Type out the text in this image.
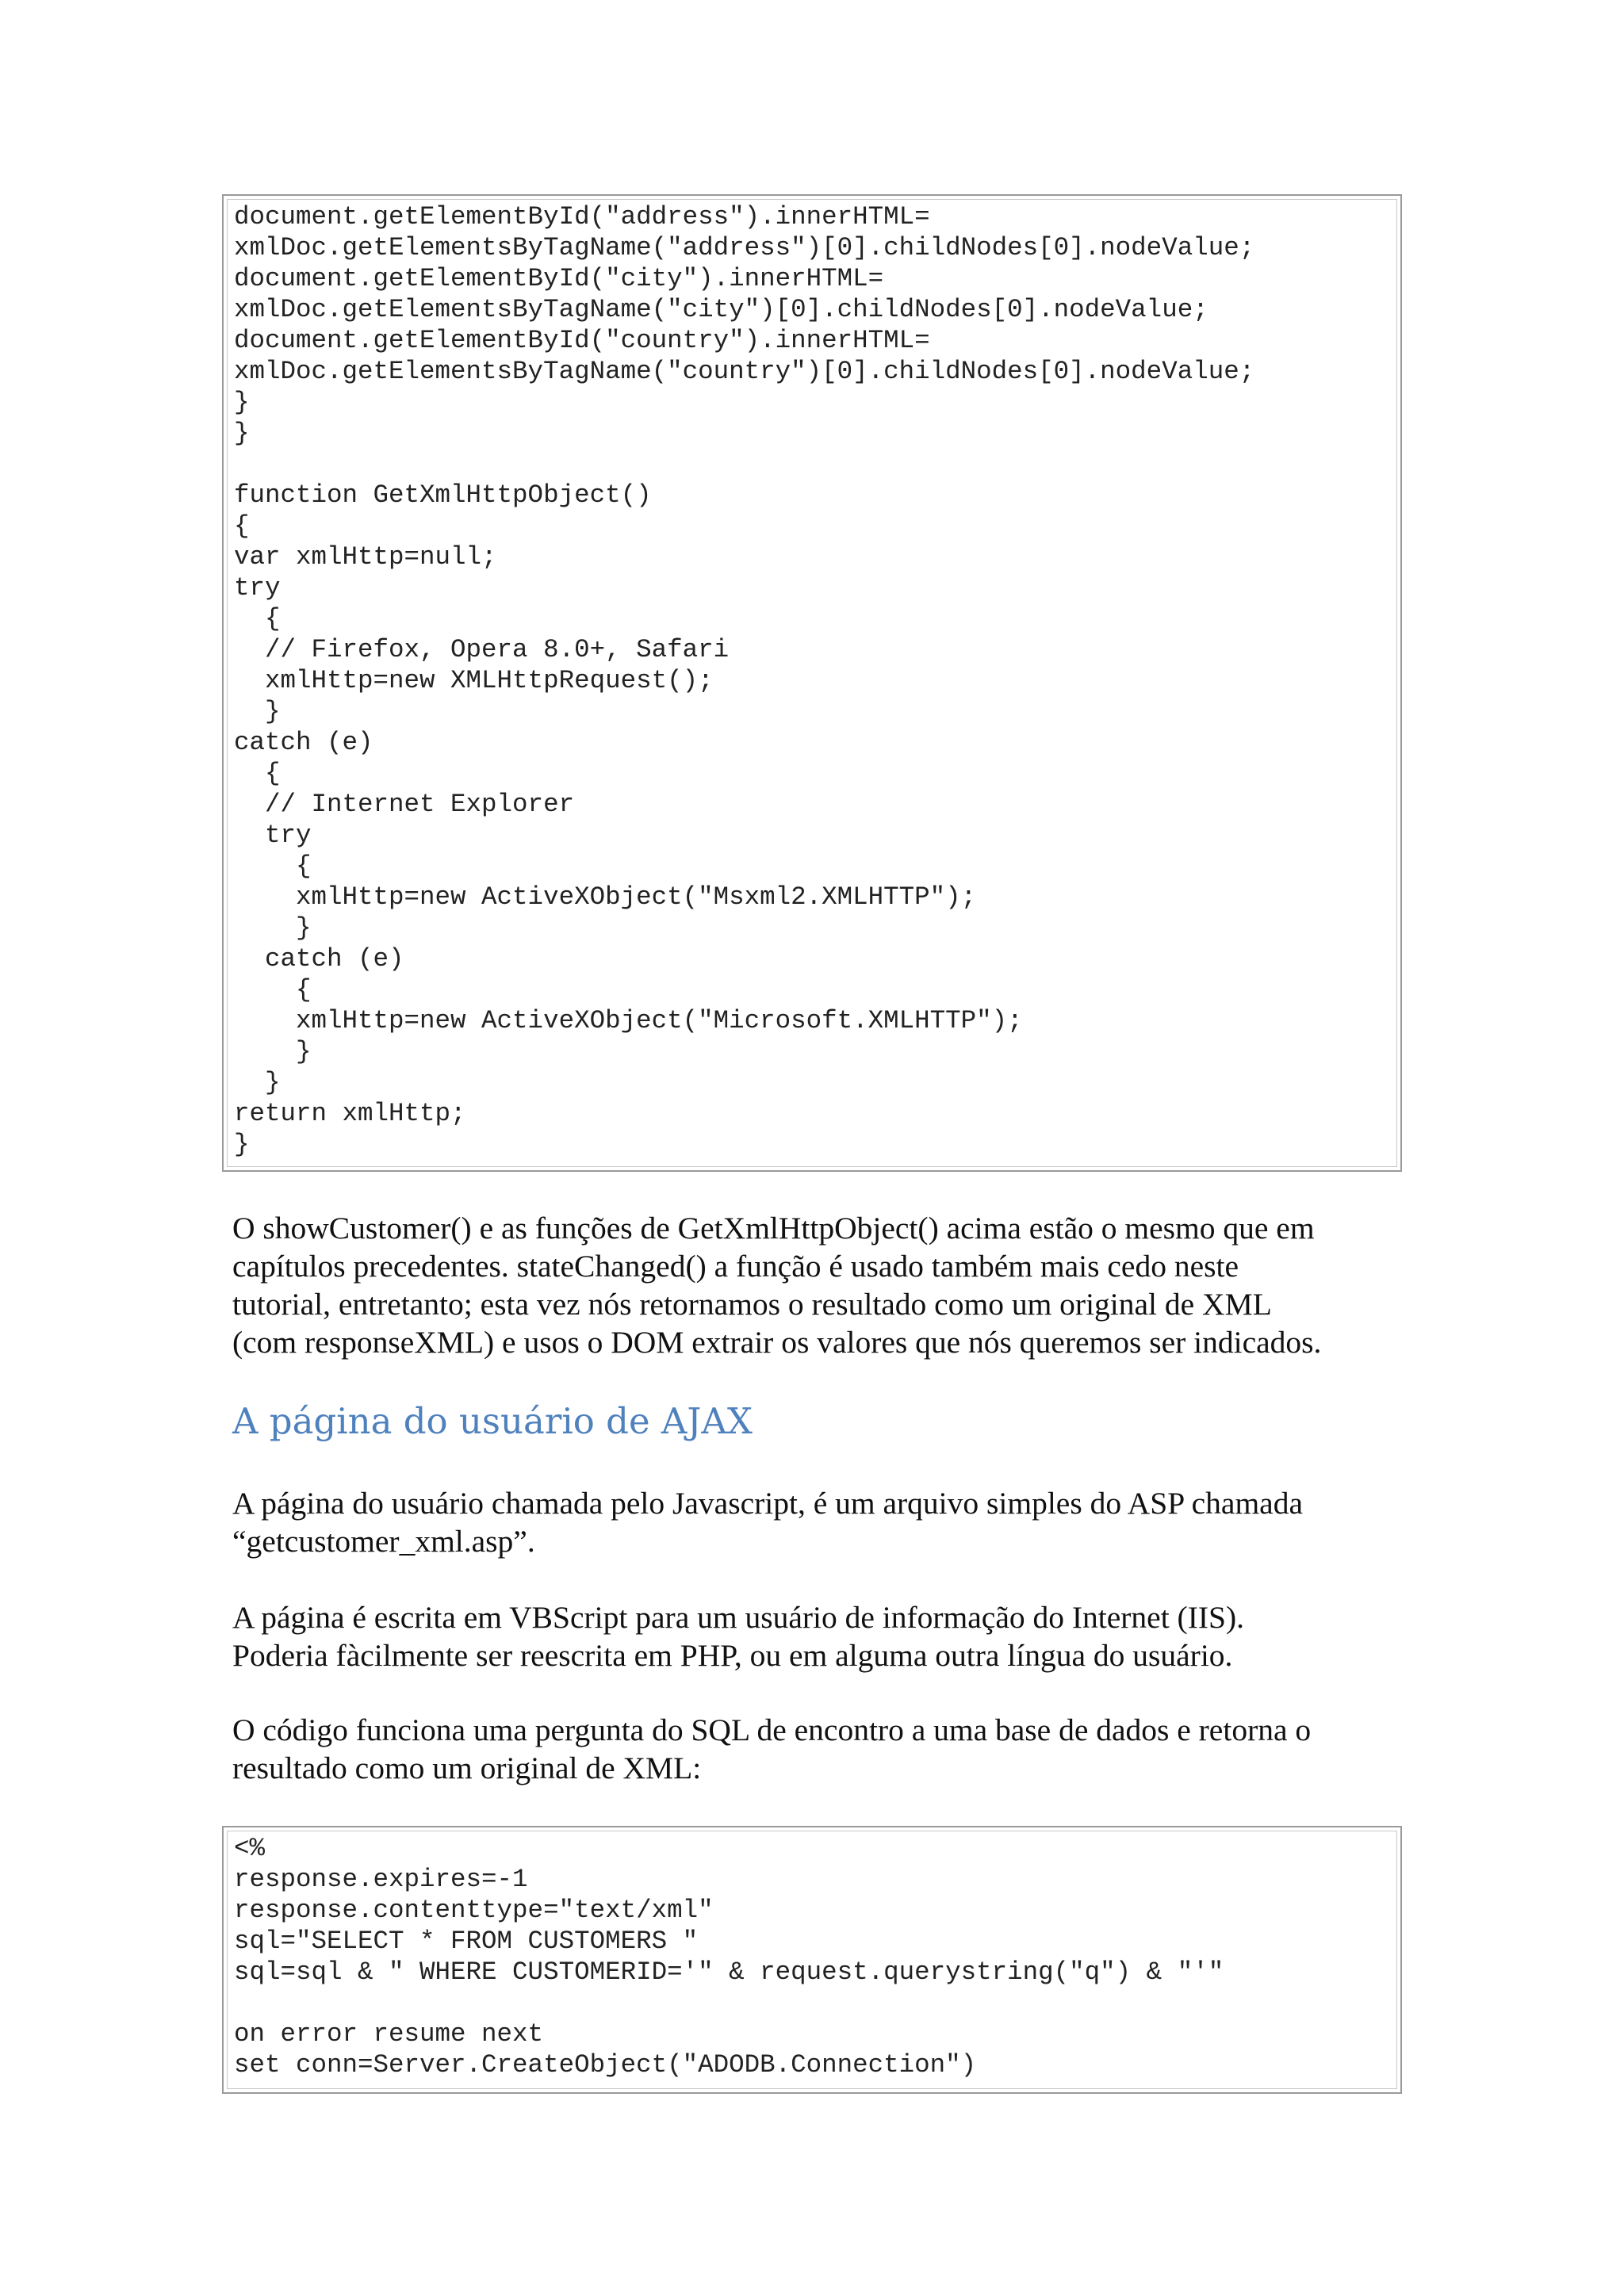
document.getElementById("address").innerHTML=
xmlDoc.getElementsByTagName("address")[0].childNodes[0].nodeValue;
document.getElementById("city").innerHTML=
xmlDoc.getElementsByTagName("city")[0].childNodes[0].nodeValue;
document.getElementById("country").innerHTML=
xmlDoc.getElementsByTagName("country")[0].childNodes[0].nodeValue;
}
}
function GetXmlHttpObject()
{
var xmlHttp=null;
try
{
// Firefox, Opera 8.0+, Safari
xmlHttp=new XMLHttpRequest();
}
catch (e)
{
// Internet Explorer
try
{
xmlHttp=new ActiveXObject("Msxml2.XMLHTTP");
}
catch (e)
{
xmlHttp=new ActiveXObject("Microsoft.XMLHTTP");
}
}
return xmlHttp;
}

O showCustomer() e as funções de GetXmlHttpObject() acima estão o mesmo que em
capítulos precedentes. stateChanged() a função é usado também mais cedo neste
tutorial, entretanto; esta vez nós retornamos o resultado como um original de XML
(com responseXML) e usos o DOM extrair os valores que nós queremos ser indicados.

A página do usuário de AJAX

A página do usuário chamada pelo Javascript, é um arquivo simples do ASP chamada
“getcustomer_xml.asp”.

A página é escrita em VBScript para um usuário de informação do Internet (IIS).
Poderia fàcilmente ser reescrita em PHP, ou em alguma outra língua do usuário.

O código funciona uma pergunta do SQL de encontro a uma base de dados e retorna o
resultado como um original de XML:

<%
response.expires=-1
response.contenttype="text/xml"
sql="SELECT * FROM CUSTOMERS "
sql=sql & " WHERE CUSTOMERID='" & request.querystring("q") & "'"
on error resume next
set conn=Server.CreateObject("ADODB.Connection")
